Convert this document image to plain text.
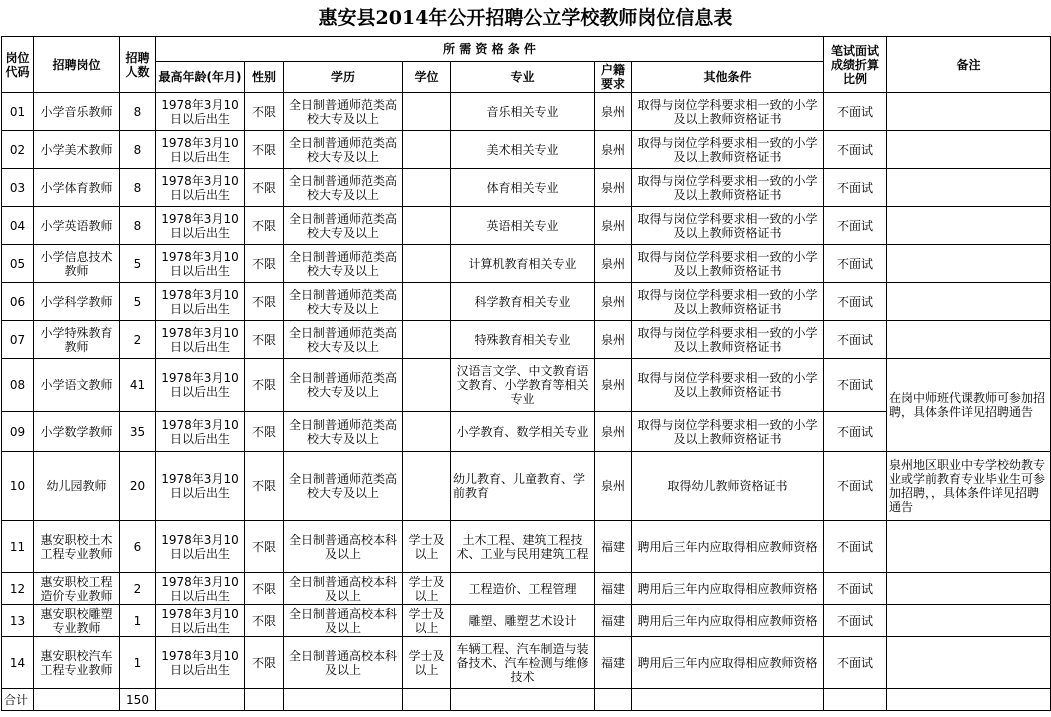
惠安县2014年公开招聘公立学校教师岗位信息表
岗位代码	招聘岗位	招聘人数	所 需 资 格 条 件							笔试面试成绩折算比例	备注
			最高年龄(年月)	性别	学历	学位	专业	户籍要求	其他条件		
01	小学音乐教师	8	1978年3月10日以后出生	不限	全日制普通师范类高校大专及以上		音乐相关专业	泉州	取得与岗位学科要求相一致的小学及以上教师资格证书	不面试	
02	小学美术教师	8	1978年3月10日以后出生	不限	全日制普通师范类高校大专及以上		美术相关专业	泉州	取得与岗位学科要求相一致的小学及以上教师资格证书	不面试	
03	小学体育教师	8	1978年3月10日以后出生	不限	全日制普通师范类高校大专及以上		体育相关专业	泉州	取得与岗位学科要求相一致的小学及以上教师资格证书	不面试	
04	小学英语教师	8	1978年3月10日以后出生	不限	全日制普通师范类高校大专及以上		英语相关专业	泉州	取得与岗位学科要求相一致的小学及以上教师资格证书	不面试	
05	小学信息技术教师	5	1978年3月10日以后出生	不限	全日制普通师范类高校大专及以上		计算机教育相关专业	泉州	取得与岗位学科要求相一致的小学及以上教师资格证书	不面试	
06	小学科学教师	5	1978年3月10日以后出生	不限	全日制普通师范类高校大专及以上		科学教育相关专业	泉州	取得与岗位学科要求相一致的小学及以上教师资格证书	不面试	
07	小学特殊教育教师	2	1978年3月10日以后出生	不限	全日制普通师范类高校大专及以上		特殊教育相关专业	泉州	取得与岗位学科要求相一致的小学及以上教师资格证书	不面试	
08	小学语文教师	41	1978年3月10日以后出生	不限	全日制普通师范类高校大专及以上		汉语言文学、中文教育语文教育、小学教育等相关专业	泉州	取得与岗位学科要求相一致的小学及以上教师资格证书	不面试	在岗中师班代课教师可参加招聘，具体条件详见招聘通告
09	小学数学教师	35	1978年3月10日以后出生	不限	全日制普通师范类高校大专及以上		小学教育、数学相关专业	泉州	取得与岗位学科要求相一致的小学及以上教师资格证书	不面试	
10	幼儿园教师	20	1978年3月10日以后出生	不限	全日制普通师范类高校大专及以上		幼儿教育、儿童教育、学前教育	泉州	取得幼儿教师资格证书	不面试	泉州地区职业中专学校幼教专业或学前教育专业毕业生可参加招聘，，具体条件详见招聘通告
11	惠安职校土木工程专业教师	6	1978年3月10日以后出生	不限	全日制普通高校本科及以上	学士及以上	土木工程、建筑工程技术、工业与民用建筑工程	福建	聘用后三年内应取得相应教师资格	不面试	
12	惠安职校工程造价专业教师	2	1978年3月10日以后出生	不限	全日制普通高校本科及以上	学士及以上	工程造价、工程管理	福建	聘用后三年内应取得相应教师资格	不面试	
13	惠安职校雕塑专业教师	1	1978年3月10日以后出生	不限	全日制普通高校本科及以上	学士及以上	雕塑、雕塑艺术设计	福建	聘用后三年内应取得相应教师资格	不面试	
14	惠安职校汽车工程专业教师	1	1978年3月10日以后出生	不限	全日制普通高校本科及以上	学士及以上	车辆工程、汽车制造与装备技术、汽车检测与维修技术	福建	聘用后三年内应取得相应教师资格	不面试	
合计		150									
